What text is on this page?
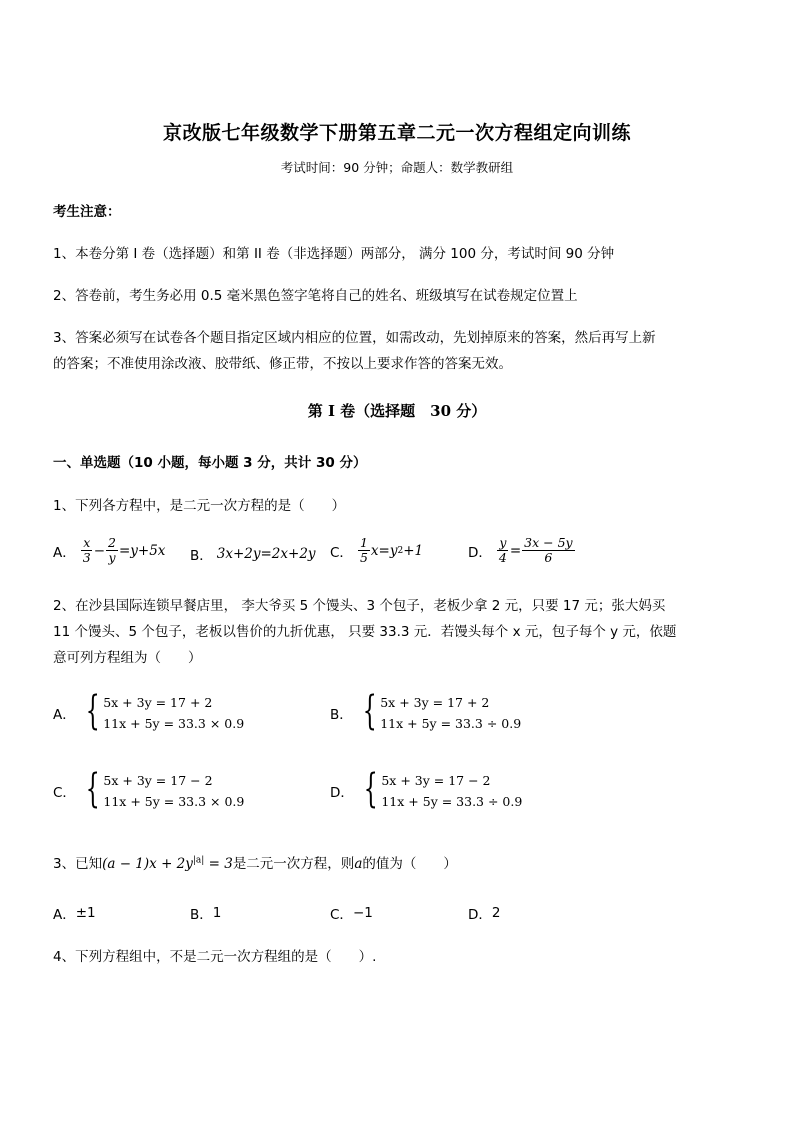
京改版七年级数学下册第五章二元一次方程组定向训练
考试时间：90 分钟；命题人：数学教研组
考生注意：
1、本卷分第 I 卷（选择题）和第 II 卷（非选择题）两部分， 满分 100 分，考试时间 90 分钟
2、答卷前，考生务必用 0.5 毫米黑色签字笔将自己的姓名、班级填写在试卷规定位置上
3、答案必须写在试卷各个题目指定区域内相应的位置，如需改动，先划掉原来的答案，然后再写上新
的答案；不准使用涂改液、胶带纸、修正带，不按以上要求作答的答案无效。
第 I 卷（选择题　30 分）
一、单选题（10 小题，每小题 3 分，共计 30 分）
1、下列各方程中，是二元一次方程的是（　　）
A． $\frac{x}{3} - \frac{2}{y} =y+5x$ B． 3x+2y=2x+2y C． $\frac{1}{5} x=y$ 2 +1	D． $\frac{y}{4} = \frac{3x - 5y}{6}$
2、在沙县国际连锁早餐店里， 李大爷买 5 个馒头、3 个包子，老板少拿 2 元，只要 17 元；张大妈买
11 个馒头、5 个包子，老板以售价的九折优惠， 只要 33.3 元．若馒头每个 x 元，包子每个 y 元，依题
意可列方程组为（　　）
A． { 5x + 3y = 17 + 2
11x + 5y = 33.3 × 0.9
B． { 5x + 3y = 17 + 2
11x + 5y = 33.3 ÷ 0.9
C． { 5x + 3y = 17 − 2
11x + 5y = 33.3 × 0.9
D． { 5x + 3y = 17 − 2
11x + 5y = 33.3 ÷ 0.9
3、已知$(a - 1)x + 2y^{|a|} = 3$是二元一次方程，则a的值为（　　）
A． ±1	B． 1	C． −1	D． 2
4、下列方程组中，不是二元一次方程组的是（　　）.
